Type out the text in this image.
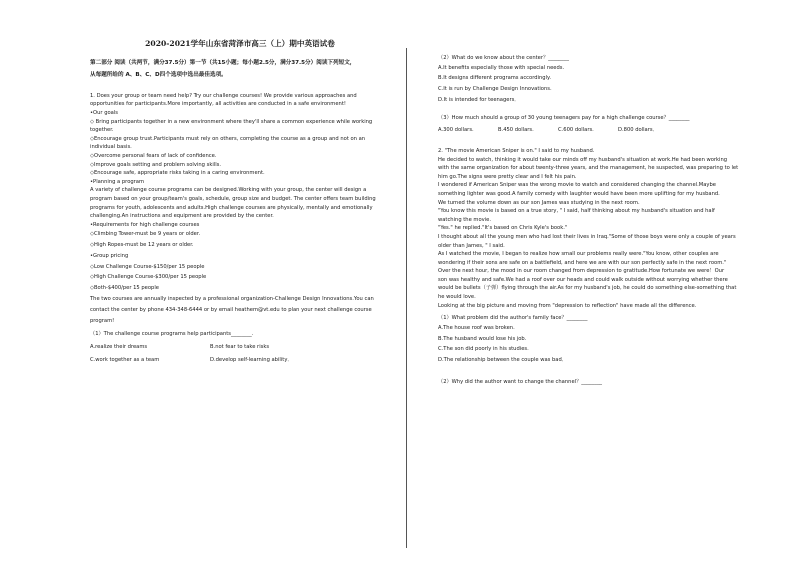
2020-2021学年山东省菏泽市高三（上）期中英语试卷

第二部分 阅读（共两节，满分37.5分）第一节（共15小题；每小题2.5分，满分37.5分）阅读下列短文，

从每题所给的 A、B、C、D四个选项中选出最佳选项。

1. Does your group or team need help? Try our challenge courses! We provide various approaches and

opportunities for participants.More importantly, all activities are conducted in a safe environment!

•Our goals

◇ Bring participants together in a new environment where they'll share a common experience while working

together.

◇Encourage group trust.Participants must rely on others, completing the course as a group and not on an

individual basis.

◇Overcome personal fears of lack of confidence.

◇Improve goals setting and problem solving skills.

◇Encourage safe, appropriate risks taking in a caring environment.

•Planning a program

A variety of challenge course programs can be designed.Working with your group, the center will design a

program based on your group/team's goals, schedule, group size and budget. The center offers team building

programs for youth, adolescents and adults.High challenge courses are physically, mentally and emotionally

challenging.An instructions and equipment are provided by the center.

•Requirements for high challenge courses

◇Climbing Tower-must be 9 years or older.

◇High Ropes-must be 12 years or older.

•Group pricing

◇Low Challenge Course-$150/per 15 people

◇High Challenge Course-$300/per 15 people

◇Both-$400/per 15 people

The two courses are annually inspected by a professional organization-Challenge Design Innovations.You can

contact the center by phone 434-348-6444 or by email heathem@vt.edu to plan your next challenge course

program!

（1）The challenge course programs help participants________.

A.realize their dreams	B.not fear to take risks
C.work together as a team	D.develop self-learning ability．

（2）What do we know about the center？________

A.It benefits especially those with special needs.

B.It designs different programs accordingly.

C.It is run by Challenge Design Innovations.

D.It is intended for teenagers．

（3）How much should a group of 30 young teenagers pay for a high challenge course？________

A.300 dollars.	B.450 dollars.	C.600 dollars.	D.800 dollars．

2. "The movie American Sniper is on." I said to my husband.

He decided to watch, thinking it would take our minds off my husband's situation at work.He had been working

with the same organization for about twenty-three years, and the management, he suspected, was preparing to let

him go.The signs were pretty clear and I felt his pain.

I wondered if American Sniper was the wrong movie to watch and considered changing the channel.Maybe

something lighter was good.A family comedy with laughter would have been more uplifting for my husband.

We turned the volume down as our son James was studying in the next room.

"You know this movie is based on a true story, " I said, half thinking about my husband's situation and half

watching the movie.

"Yes." he replied."It's based on Chris Kyle's book."

I thought about all the young men who had lost their lives in Iraq."Some of those boys were only a couple of years

older than James, " I said.

As I watched the movie, I began to realize how small our problems really were."You know, other couples are

wondering if their sons are safe on a battlefield, and here we are with our son perfectly safe in the next room."

Over the next hour, the mood in our room changed from depression to gratitude.How fortunate we were！Our

son was healthy and safe.We had a roof over our heads and could walk outside without worrying whether there

would be bullets（子弹）flying through the air.As for my husband's job, he could do something else-something that

he would love.

Looking at the big picture and moving from "depression to reflection" have made all the difference.

（1）What problem did the author's family face？________

A.The house roof was broken.

B.The husband would lose his job.

C.The son did poorly in his studies.

D.The relationship between the couple was bad．

（2）Why did the author want to change the channel？________
